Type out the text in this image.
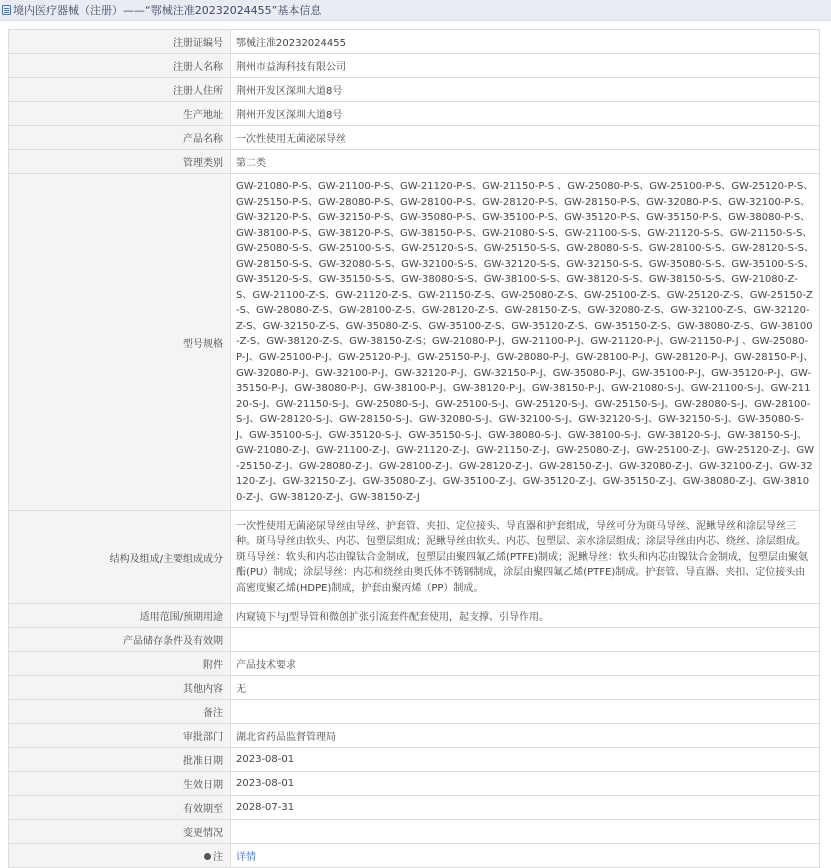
境内医疗器械（注册）——“鄂械注准20232024455”基本信息
注册证编号	鄂械注准20232024455
注册人名称	荆州市益海科技有限公司
注册人住所	荆州开发区深圳大道8号
生产地址	荆州开发区深圳大道8号
产品名称	一次性使用无菌泌尿导丝
管理类别	第二类
型号规格	GW-21080-P-S、GW-21100-P-S、GW-21120-P-S、GW-21150-P-S 、GW-25080-P-S、GW-25100-P-S、GW-25120-P-S、GW-25150-P-S、GW-28080-P-S、GW-28100-P-S、GW-28120-P-S、GW-28150-P-S、GW-32080-P-S、GW-32100-P-S、GW-32120-P-S、GW-32150-P-S、GW-35080-P-S、GW-35100-P-S、GW-35120-P-S、GW-35150-P-S、GW-38080-P-S、GW-38100-P-S、GW-38120-P-S、GW-38150-P-S、GW-21080-S-S、GW-21100-S-S、GW-21120-S-S、GW-21150-S-S、GW-25080-S-S、GW-25100-S-S、GW-25120-S-S、GW-25150-S-S、GW-28080-S-S、GW-28100-S-S、GW-28120-S-S、GW-28150-S-S、GW-32080-S-S、GW-32100-S-S、GW-32120-S-S、GW-32150-S-S、GW-35080-S-S、GW-35100-S-S、GW-35120-S-S、GW-35150-S-S、GW-38080-S-S、GW-38100-S-S、GW-38120-S-S、GW-38150-S-S、GW-21080-Z-S、GW-21100-Z-S、GW-21120-Z-S、GW-21150-Z-S、GW-25080-Z-S、GW-25100-Z-S、GW-25120-Z-S、GW-25150-Z-S、GW-28080-Z-S、GW-28100-Z-S、GW-28120-Z-S、GW-28150-Z-S、GW-32080-Z-S、GW-32100-Z-S、GW-32120-Z-S、GW-32150-Z-S、GW-35080-Z-S、GW-35100-Z-S、GW-35120-Z-S、GW-35150-Z-S、GW-38080-Z-S、GW-38100-Z-S、GW-38120-Z-S、GW-38150-Z-S；GW-21080-P-J、GW-21100-P-J、GW-21120-P-J、GW-21150-P-J 、GW-25080-P-J、GW-25100-P-J、GW-25120-P-J、GW-25150-P-J、GW-28080-P-J、GW-28100-P-J、GW-28120-P-J、GW-28150-P-J、GW-32080-P-J、GW-32100-P-J、GW-32120-P-J、GW-32150-P-J、GW-35080-P-J、GW-35100-P-J、GW-35120-P-J、GW-35150-P-J、GW-38080-P-J、GW-38100-P-J、GW-38120-P-J、GW-38150-P-J、GW-21080-S-J、GW-21100-S-J、GW-21120-S-J、GW-21150-S-J、GW-25080-S-J、GW-25100-S-J、GW-25120-S-J、GW-25150-S-J、GW-28080-S-J、GW-28100-S-J、GW-28120-S-J、GW-28150-S-J、GW-32080-S-J、GW-32100-S-J、GW-32120-S-J、GW-32150-S-J、GW-35080-S-J、GW-35100-S-J、GW-35120-S-J、GW-35150-S-J、GW-38080-S-J、GW-38100-S-J、GW-38120-S-J、GW-38150-S-J、GW-21080-Z-J、GW-21100-Z-J、GW-21120-Z-J、GW-21150-Z-J、GW-25080-Z-J、GW-25100-Z-J、GW-25120-Z-J、GW-25150-Z-J、GW-28080-Z-J、GW-28100-Z-J、GW-28120-Z-J、GW-28150-Z-J、GW-32080-Z-J、GW-32100-Z-J、GW-32120-Z-J、GW-32150-Z-J、GW-35080-Z-J、GW-35100-Z-J、GW-35120-Z-J、GW-35150-Z-J、GW-38080-Z-J、GW-38100-Z-J、GW-38120-Z-J、GW-38150-Z-J
结构及组成/主要组成成分	一次性使用无菌泌尿导丝由导丝、护套管、夹扣、定位接头、导直器和护套组成，导丝可分为斑马导丝、泥鳅导丝和涂层导丝三种。斑马导丝由软头、内芯、包塑层组成；泥鳅导丝由软头、内芯、包塑层、亲水涂层组成；涂层导丝由内芯、绕丝、涂层组成。斑马导丝：软头和内芯由镍钛合金制成，包塑层由聚四氟乙烯(PTFE)制成；泥鳅导丝：软头和内芯由镍钛合金制成，包塑层由聚氨酯(PU）制成；涂层导丝：内芯和绕丝由奥氏体不锈钢制成，涂层由聚四氟乙烯(PTFE)制成。护套管、导直器、夹扣、定位接头由高密度聚乙烯(HDPE)制成，护套由聚丙烯（PP）制成。
适用范围/预期用途	内窥镜下与J型导管和微创扩张引流套件配套使用，起支撑、引导作用。
产品储存条件及有效期	
附件	产品技术要求
其他内容	无
备注	
审批部门	湖北省药品监督管理局
批准日期	2023-08-01
生效日期	2023-08-01
有效期至	2028-07-31
变更情况	
注	详情
